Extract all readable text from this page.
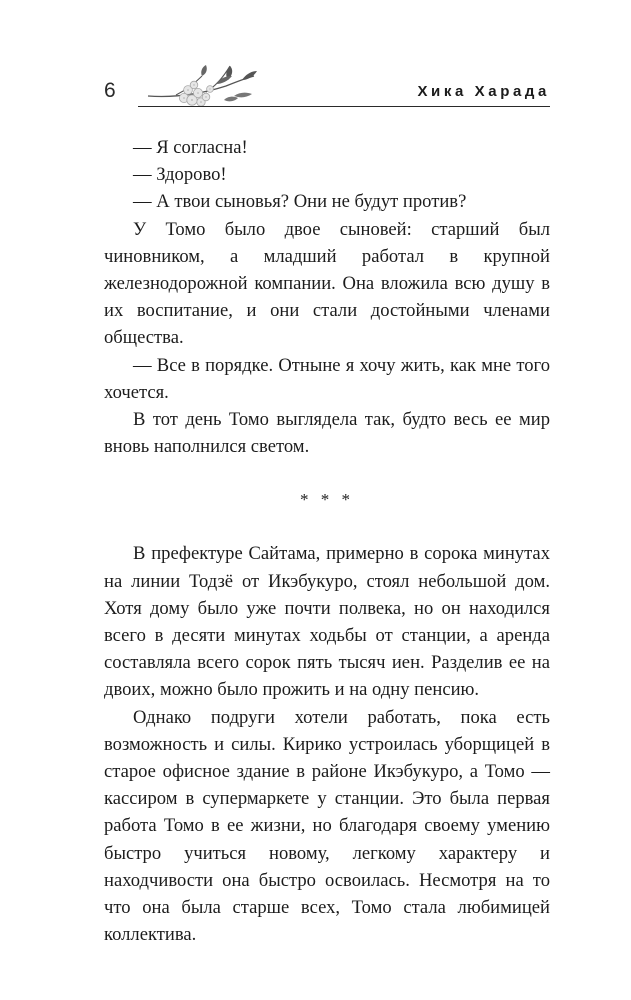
6	Хика Харада

— Я согласна!

— Здорово!

— А твои сыновья? Они не будут против?

У Томо было двое сыновей: старший был чиновником, а младший работал в крупной железнодорожной компании. Она вложила всю душу в их воспитание, и они стали достойными членами общества.

— Все в порядке. Отныне я хочу жить, как мне того хочется.

В тот день Томо выглядела так, будто весь ее мир вновь наполнился светом.

* * *

В префектуре Сайтама, примерно в сорока минутах на линии Тодзё от Икэбукуро, стоял небольшой дом. Хотя дому было уже почти полвека, но он находился всего в десяти минутах ходьбы от станции, а аренда составляла всего сорок пять тысяч иен. Разделив ее на двоих, можно было прожить и на одну пенсию.

Однако подруги хотели работать, пока есть возможность и силы. Кирико устроилась уборщицей в старое офисное здание в районе Икэбукуро, а Томо — кассиром в супермаркете у станции. Это была первая работа Томо в ее жизни, но благодаря своему умению быстро учиться новому, легкому характеру и находчивости она быстро освоилась. Несмотря на то что она была старше всех, Томо стала любимицей коллектива.
